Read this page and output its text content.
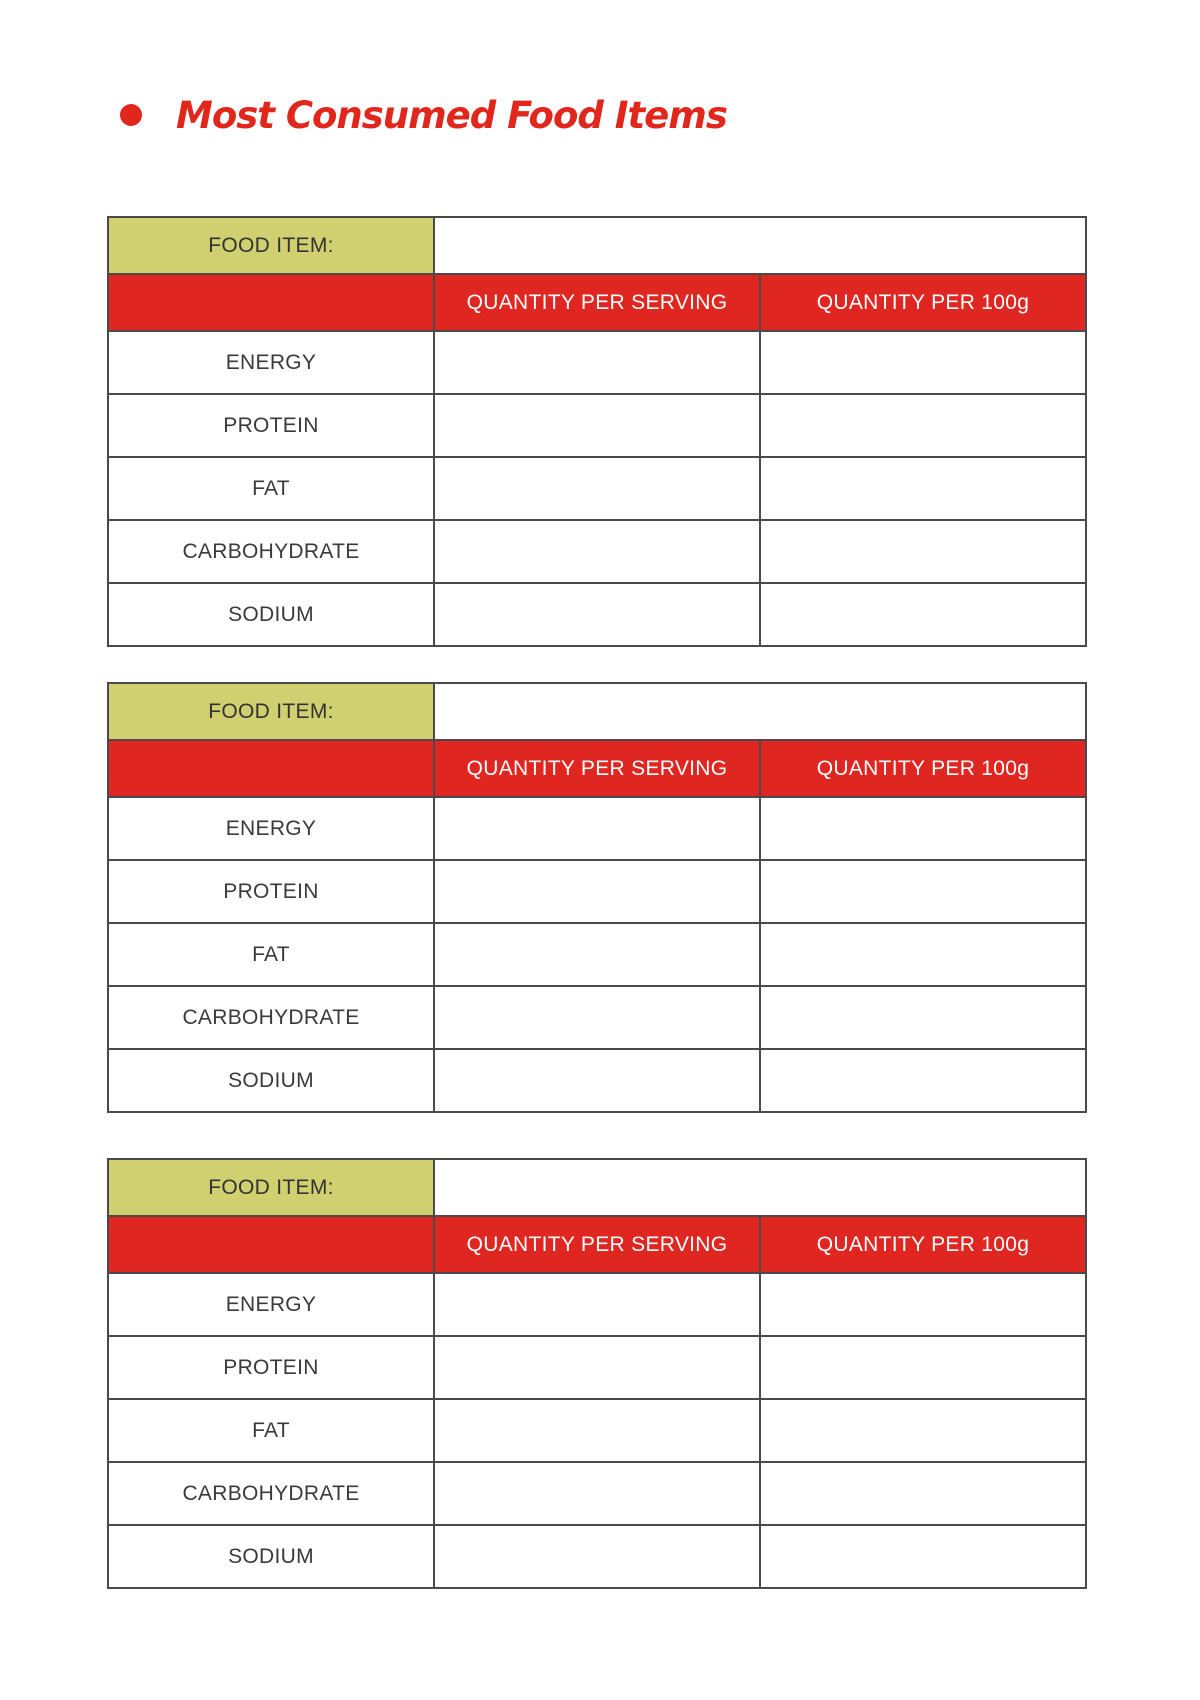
Most Consumed Food Items
FOOD ITEM:		
	QUANTITY PER SERVING	QUANTITY PER 100g
ENERGY		
PROTEIN		
FAT		
CARBOHYDRATE		
SODIUM		
FOOD ITEM:		
	QUANTITY PER SERVING	QUANTITY PER 100g
ENERGY		
PROTEIN		
FAT		
CARBOHYDRATE		
SODIUM		
FOOD ITEM:		
	QUANTITY PER SERVING	QUANTITY PER 100g
ENERGY		
PROTEIN		
FAT		
CARBOHYDRATE		
SODIUM		
